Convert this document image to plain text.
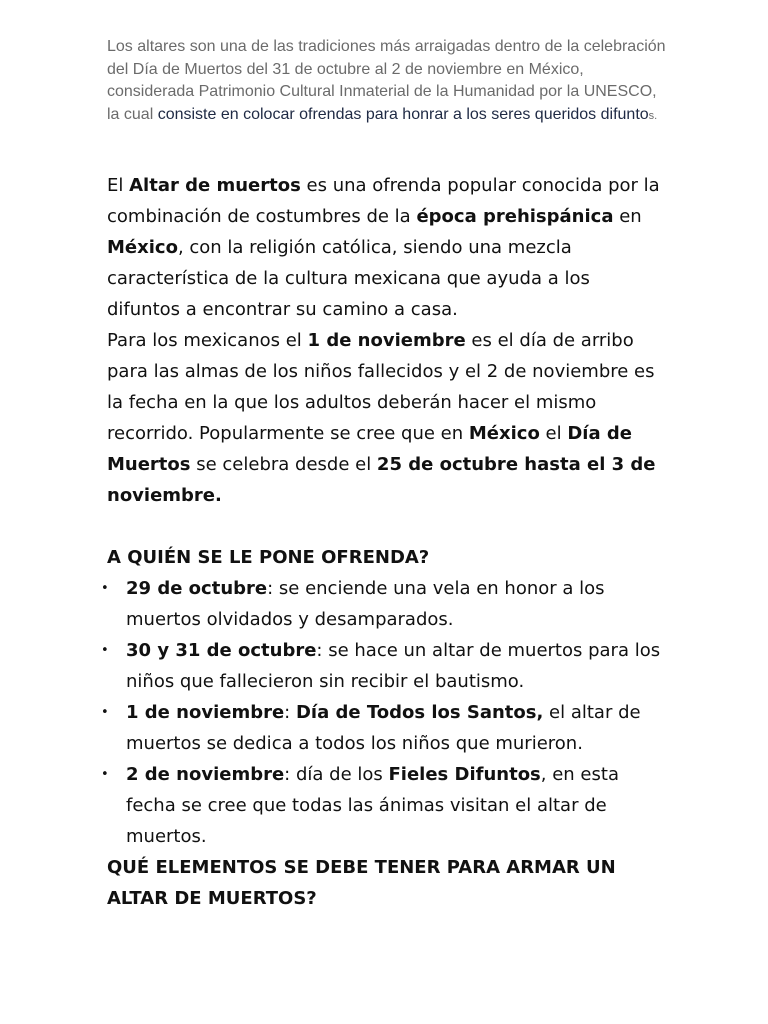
Los altares son una de las tradiciones más arraigadas dentro de la celebración del Día de Muertos del 31 de octubre al 2 de noviembre en México, considerada Patrimonio Cultural Inmaterial de la Humanidad por la UNESCO, la cual consiste en colocar ofrendas para honrar a los seres queridos difuntos.

El Altar de muertos es una ofrenda popular conocida por la combinación de costumbres de la época prehispánica en México, con la religión católica, siendo una mezcla característica de la cultura mexicana que ayuda a los difuntos a encontrar su camino a casa.

Para los mexicanos el 1 de noviembre es el día de arribo para las almas de los niños fallecidos y el 2 de noviembre es la fecha en la que los adultos deberán hacer el mismo recorrido. Popularmente se cree que en México el Día de Muertos se celebra desde el 25 de octubre hasta el 3 de noviembre.

A QUIÉN SE LE PONE OFRENDA?

• 29 de octubre: se enciende una vela en honor a los muertos olvidados y desamparados.
• 30 y 31 de octubre: se hace un altar de muertos para los niños que fallecieron sin recibir el bautismo.
• 1 de noviembre: Día de Todos los Santos, el altar de muertos se dedica a todos los niños que murieron.
• 2 de noviembre: día de los Fieles Difuntos, en esta fecha se cree que todas las ánimas visitan el altar de muertos.

QUÉ ELEMENTOS SE DEBE TENER PARA ARMAR UN ALTAR DE MUERTOS?
